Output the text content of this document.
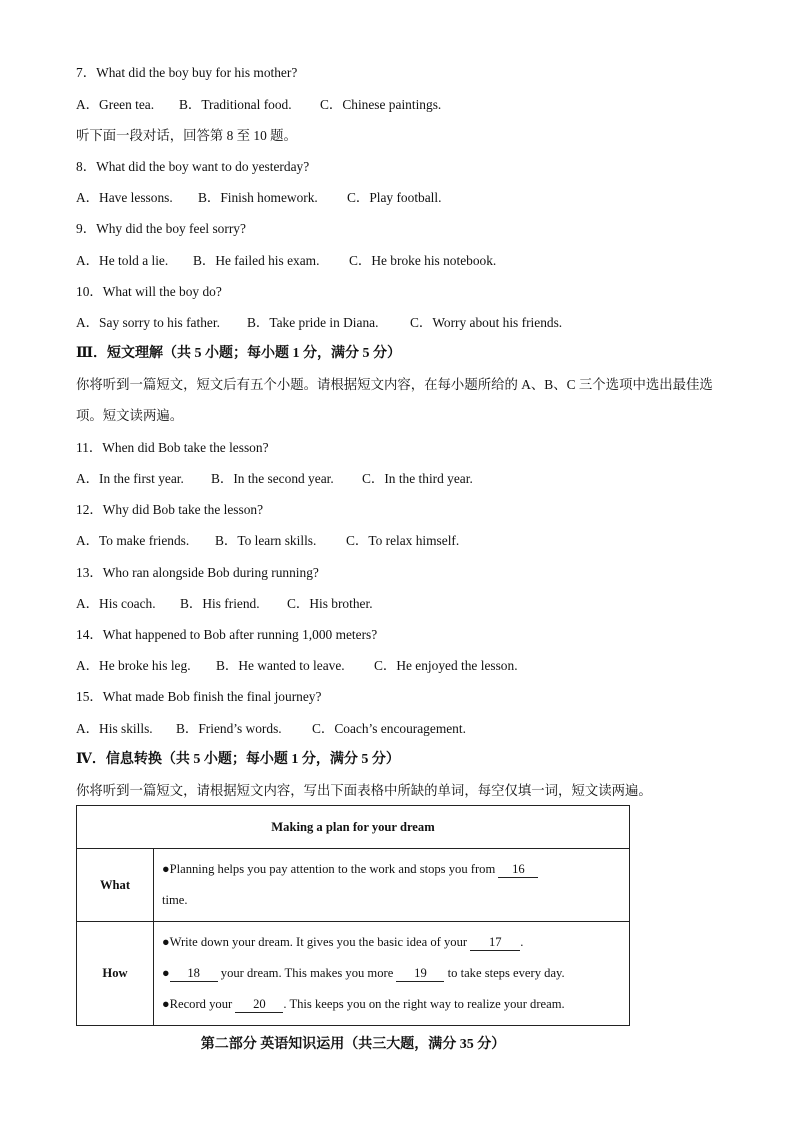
7．What did the boy buy for his mother?
A．Green tea. B．Traditional food. C．Chinese paintings.
听下面一段对话，回答第 8 至 10 题。
8．What did the boy want to do yesterday?
A．Have lessons. B．Finish homework. C．Play football.
9．Why did the boy feel sorry?
A．He told a lie. B．He failed his exam. C．He broke his notebook.
10．What will the boy do?
A．Say sorry to his father. B．Take pride in Diana. C．Worry about his friends.
Ⅲ．短文理解（共 5 小题；每小题 1 分，满分 5 分）
你将听到一篇短文，短文后有五个小题。请根据短文内容，在每小题所给的 A、B、C 三个选项中选出最佳选项。短文读两遍。
11．When did Bob take the lesson?
A．In the first year. B．In the second year. C．In the third year.
12．Why did Bob take the lesson?
A．To make friends. B．To learn skills. C．To relax himself.
13．Who ran alongside Bob during running?
A．His coach. B．His friend. C．His brother.
14．What happened to Bob after running 1,000 meters?
A．He broke his leg. B．He wanted to leave. C．He enjoyed the lesson.
15．What made Bob finish the final journey?
A．His skills. B．Friend’s words. C．Coach’s encouragement.
Ⅳ．信息转换（共 5 小题；每小题 1 分，满分 5 分）
你将听到一篇短文，请根据短文内容，写出下面表格中所缺的单词，每空仅填一词，短文读两遍。
Making a plan for your dream	
What	●Planning helps you pay attention to the work and stops you from 16
time.
How	●Write down your dream. It gives you the basic idea of your 17 .
● 18 your dream. This makes you more 19 to take steps every day.
●Record your 20 . This keeps you on the right way to realize your dream.
第二部分 英语知识运用（共三大题，满分 35 分）
